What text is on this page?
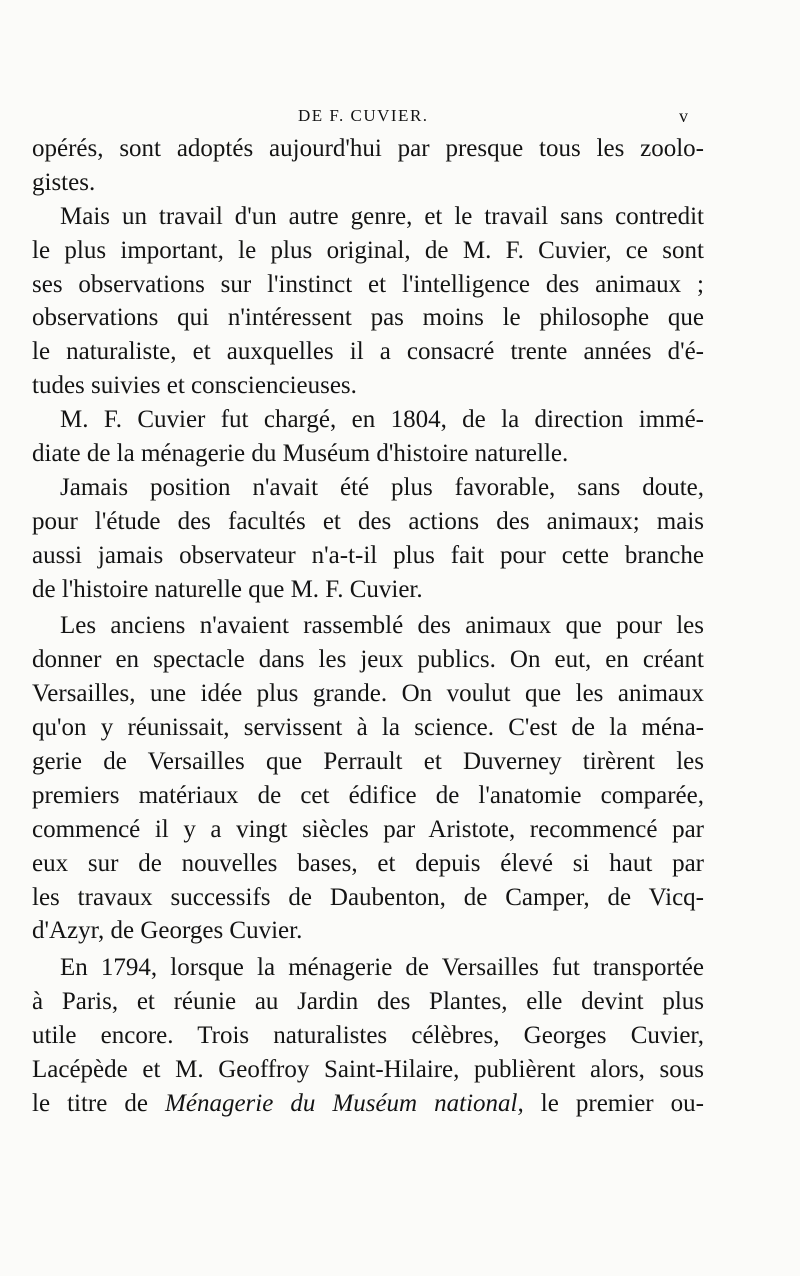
DE F. CUVIER.	v
opérés, sont adoptés aujourd'hui par presque tous les zoolo-
gistes.
Mais un travail d'un autre genre, et le travail sans contredit
le plus important, le plus original, de M. F. Cuvier, ce sont
ses observations sur l'instinct et l'intelligence des animaux ;
observations qui n'intéressent pas moins le philosophe que
le naturaliste, et auxquelles il a consacré trente années d'é-
tudes suivies et consciencieuses.
M. F. Cuvier fut chargé, en 1804, de la direction immé-
diate de la ménagerie du Muséum d'histoire naturelle.
Jamais position n'avait été plus favorable, sans doute,
pour l'étude des facultés et des actions des animaux; mais
aussi jamais observateur n'a-t-il plus fait pour cette branche
de l'histoire naturelle que M. F. Cuvier.
Les anciens n'avaient rassemblé des animaux que pour les
donner en spectacle dans les jeux publics. On eut, en créant
Versailles, une idée plus grande. On voulut que les animaux
qu'on y réunissait, servissent à la science. C'est de la ména-
gerie de Versailles que Perrault et Duverney tirèrent les
premiers matériaux de cet édifice de l'anatomie comparée,
commencé il y a vingt siècles par Aristote, recommencé par
eux sur de nouvelles bases, et depuis élevé si haut par
les travaux successifs de Daubenton, de Camper, de Vicq-
d'Azyr, de Georges Cuvier.
En 1794, lorsque la ménagerie de Versailles fut transportée
à Paris, et réunie au Jardin des Plantes, elle devint plus
utile encore. Trois naturalistes célèbres, Georges Cuvier,
Lacépède et M. Geoffroy Saint-Hilaire, publièrent alors, sous
le titre de Ménagerie du Muséum national, le premier ou-
